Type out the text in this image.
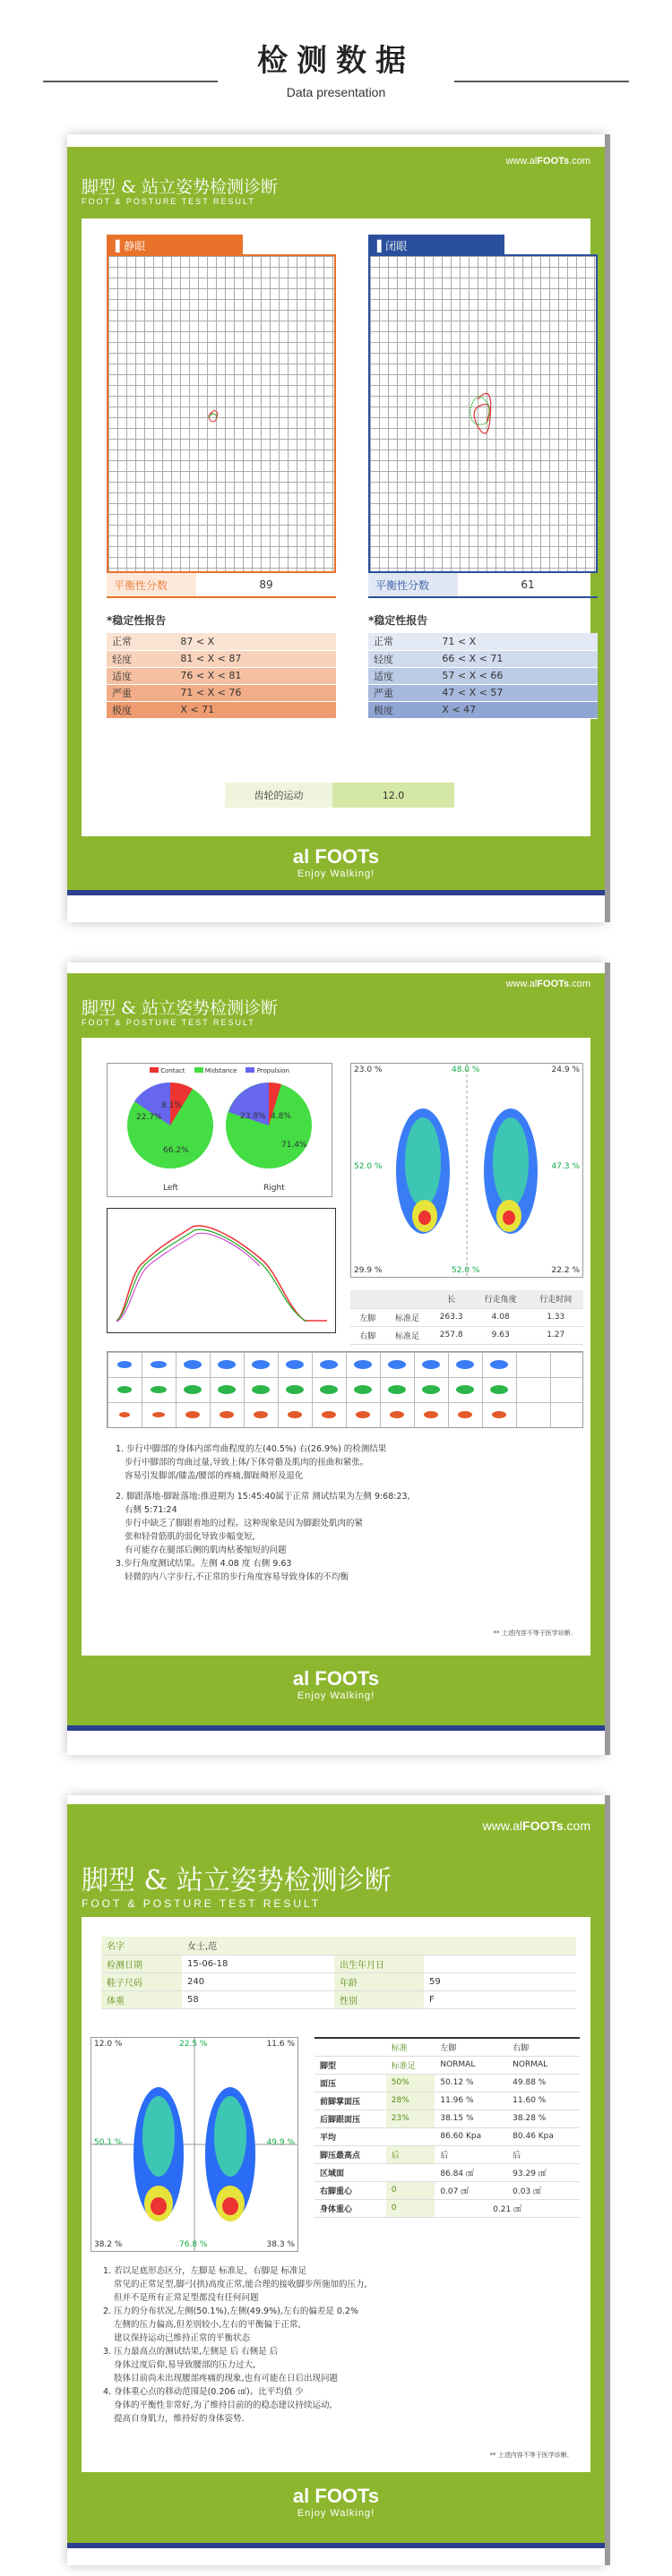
检测数据
Data presentation
www.alFOOTs.com
脚型 & 站立姿势检测诊断
FOOT & POSTURE TEST RESULT
▌静眼
平衡性分数	89
▌闭眼
平衡性分数	61
*稳定性报告
正常	87 < X
轻度	81 < X < 87
适度	76 < X < 81
严重	71 < X < 76
极度	X < 71
*稳定性报告
正常	71 < X
轻度	66 < X < 71
适度	57 < X < 66
严重	47 < X < 57
极度	X < 47
齿轮的运动	12.0
al FOOTs
Enjoy Walking!
www.alFOOTs.com
脚型 & 站立姿势检测诊断
FOOT & POSTURE TEST RESULT
Contact	Midstance	Propulsion
8.1%
22.7%
66.2%
23.8% 4.8%
71.4%
Left	Right
23.0 %	48.0 %	24.9 %
52.0 %	47.3 %
29.9 %	52.0 %	22.2 %
		长	行走角度	行走时间
左脚	标准足	263.3	4.08	1.33
右脚	标准足	257.8	9.63	1.27
1. 步行中脚部的身体内部弯曲程度的左(40.5%) 右(26.9%) 的检测结果
步行中脚部的弯曲过量,导致上体/下体骨骼及肌肉的扭曲和紧张。
容易引发脚部/膝盖/腰部的疼痛,脚趾畸形及退化
2. 脚跟落地-脚趾落地:推进期为 15:45:40属于正常 测试结果为左侧 9:68:23,
右侧 5:71:24
步行中缺乏了脚跟着地的过程。这种现象是因为脚跟处肌肉的紧
张和轻骨筋肌的弱化导致步幅变短,
有可能存在腿部后侧的肌肉枯萎缩短的问题
3.步行角度测试结果。左侧 4.08 度 右侧 9.63
轻微的内八字步行,不正常的步行角度容易导致身体的不均衡
** 上述内容不等于医学诊断.
al FOOTs
Enjoy Walking!
www.alFOOTs.com
脚型 & 站立姿势检测诊断
FOOT & POSTURE TEST RESULT
名字	女士,范		
检测日期	15-06-18	出生年月日	
鞋子尺码	240	年龄	59
体重	58	性别	F
12.0 %	22.5 %	11.6 %
50.1 %	49.9 %
38.2 %	76.8 %	38.3 %
	标准	左脚	右脚
脚型	标准足	NORMAL	NORMAL
面压	50%	50.12 %	49.88 %
前脚掌面压	28%	11.96 %	11.60 %
后脚跟面压	23%	38.15 %	38.28 %
平均		86.60 Kpa	80.46 Kpa
脚压最高点	后	后	后
区域面		86.84 ㎠	93.29 ㎠
右脚重心	0	0.07 ㎠	0.03 ㎠
身体重心	0	0.21 ㎠	
1. 若以足底形态区分，左脚是 标准足，右脚是 标准足
常见的正常足型,脚弓(拱)高度正常,能合理的接收脚步所施加的压力,
但并不是所有正常足型都没有任何问题
2. 压力的分布状况,左侧(50.1%),左侧(49.9%),左右的偏差是 0.2%
左侧的压力偏高,但差别较小,左右的平衡偏于正常,
建议保持运动已维持正常的平衡状态
3. 压力最高点的测试结果,左侧是 后 右侧是 后
身体过度后仰,易导致腰部的压力过大,
肢体目前尚未出现腰部疼痛的现象,也有可能在日后出现问题
4. 身体重心点的移动范围是(0.206 ㎠)。比平均值 少
身体的平衡性非常好,为了维持目前的的稳态建议持续运动,
提高自身肌力，维持好的身体姿势.
** 上述内容不等于医学诊断.
al FOOTs
Enjoy Walking!
